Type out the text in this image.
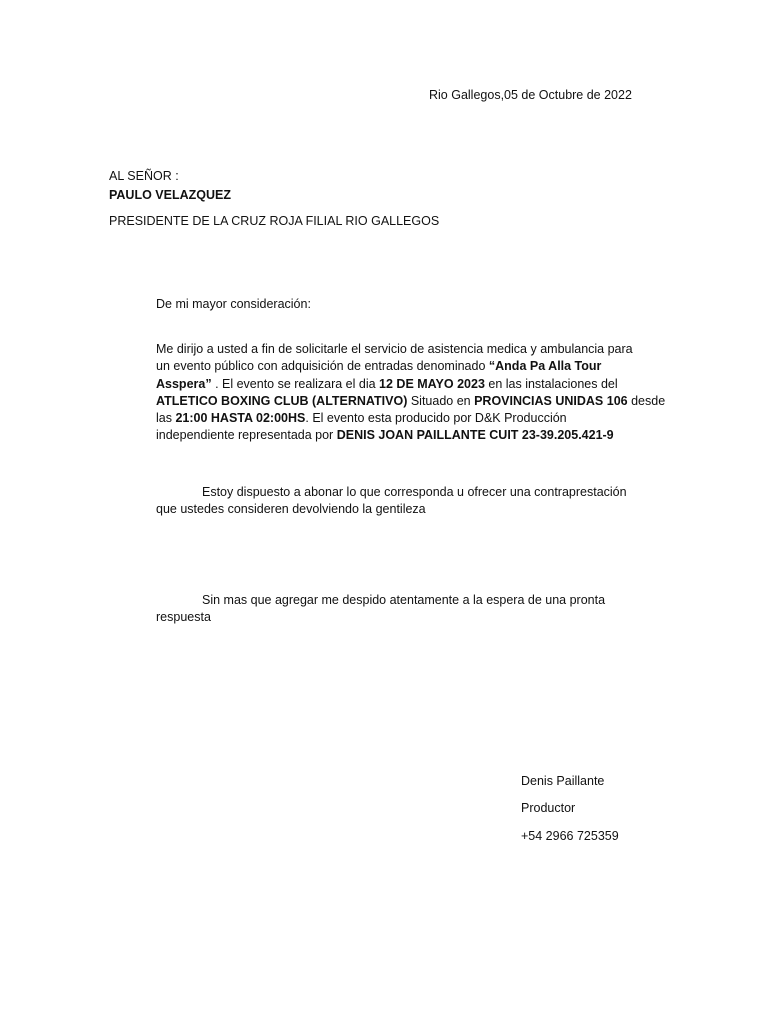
Rio Gallegos,05 de Octubre de 2022
AL SEÑOR :
PAULO VELAZQUEZ
PRESIDENTE DE LA CRUZ ROJA FILIAL RIO GALLEGOS
De mi mayor consideración:
Me dirijo a usted a fin de solicitarle el servicio de asistencia medica y ambulancia para
un evento público con adquisición de entradas denominado “Anda Pa Alla Tour
Asspera” . El evento se realizara el dia 12 DE MAYO 2023 en las instalaciones del
ATLETICO BOXING CLUB (ALTERNATIVO) Situado en PROVINCIAS UNIDAS 106 desde
las 21:00 HASTA 02:00HS. El evento esta producido por D&K Producción
independiente representada por DENIS JOAN PAILLANTE CUIT 23-39.205.421-9
Estoy dispuesto a abonar lo que corresponda u ofrecer una contraprestación
que ustedes consideren devolviendo la gentileza
Sin mas que agregar me despido atentamente a la espera de una pronta
respuesta
Denis Paillante
Productor
+54 2966 725359
